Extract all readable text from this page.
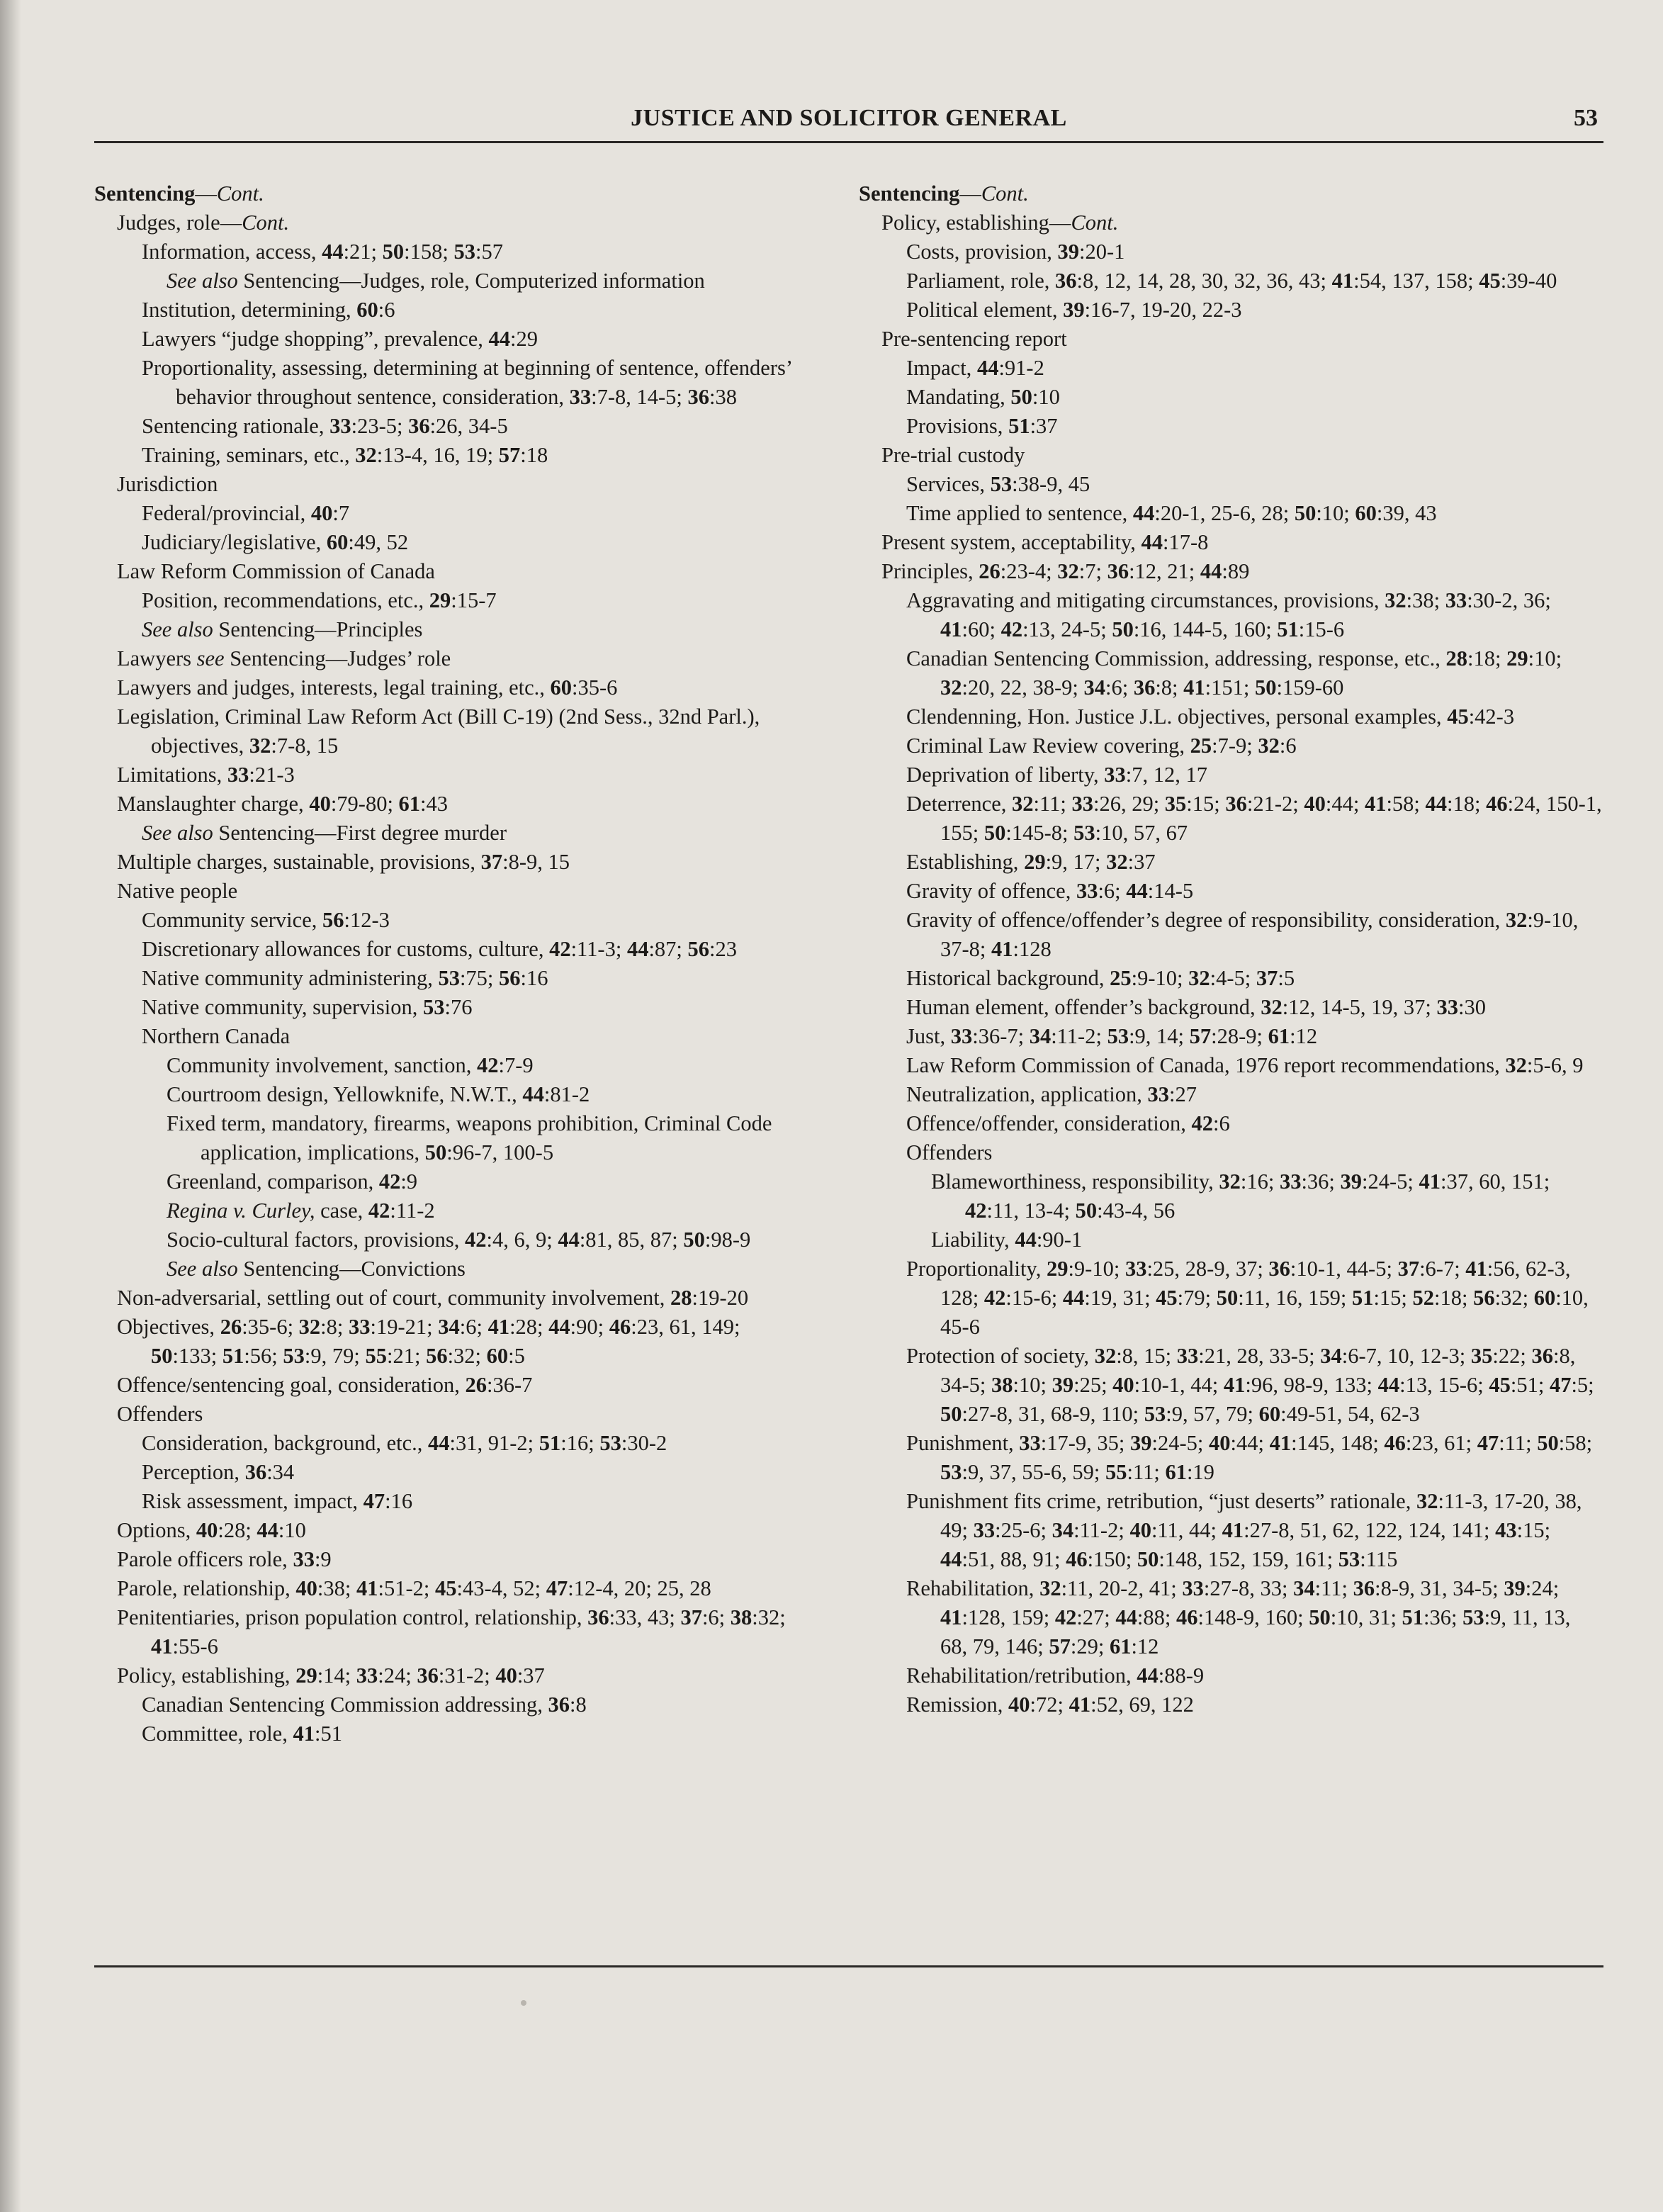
JUSTICE AND SOLICITOR GENERAL	53

Sentencing—Cont.

Judges, role—Cont.

Information, access, 44:21; 50:158; 53:57

See also Sentencing—Judges, role, Computerized information

Institution, determining, 60:6

Lawyers “judge shopping”, prevalence, 44:29

Proportionality, assessing, determining at beginning of sentence, offenders’ behavior throughout sentence, consideration, 33:7-8, 14-5; 36:38

Sentencing rationale, 33:23-5; 36:26, 34-5

Training, seminars, etc., 32:13-4, 16, 19; 57:18

Jurisdiction

Federal/provincial, 40:7

Judiciary/legislative, 60:49, 52

Law Reform Commission of Canada

Position, recommendations, etc., 29:15-7

See also Sentencing—Principles

Lawyers see Sentencing—Judges’ role

Lawyers and judges, interests, legal training, etc., 60:35-6

Legislation, Criminal Law Reform Act (Bill C-19) (2nd Sess., 32nd Parl.), objectives, 32:7-8, 15

Limitations, 33:21-3

Manslaughter charge, 40:79-80; 61:43

See also Sentencing—First degree murder

Multiple charges, sustainable, provisions, 37:8-9, 15

Native people

Community service, 56:12-3

Discretionary allowances for customs, culture, 42:11-3; 44:87; 56:23

Native community administering, 53:75; 56:16

Native community, supervision, 53:76

Northern Canada

Community involvement, sanction, 42:7-9

Courtroom design, Yellowknife, N.W.T., 44:81-2

Fixed term, mandatory, firearms, weapons prohibition, Criminal Code application, implications, 50:96-7, 100-5

Greenland, comparison, 42:9

Regina v. Curley, case, 42:11-2

Socio-cultural factors, provisions, 42:4, 6, 9; 44:81, 85, 87; 50:98-9

See also Sentencing—Convictions

Non-adversarial, settling out of court, community involvement, 28:19-20

Objectives, 26:35-6; 32:8; 33:19-21; 34:6; 41:28; 44:90; 46:23, 61, 149; 50:133; 51:56; 53:9, 79; 55:21; 56:32; 60:5

Offence/sentencing goal, consideration, 26:36-7

Offenders

Consideration, background, etc., 44:31, 91-2; 51:16; 53:30-2

Perception, 36:34

Risk assessment, impact, 47:16

Options, 40:28; 44:10

Parole officers role, 33:9

Parole, relationship, 40:38; 41:51-2; 45:43-4, 52; 47:12-4, 20; 25, 28

Penitentiaries, prison population control, relationship, 36:33, 43; 37:6; 38:32; 41:55-6

Policy, establishing, 29:14; 33:24; 36:31-2; 40:37

Canadian Sentencing Commission addressing, 36:8

Committee, role, 41:51

Sentencing—Cont.

Policy, establishing—Cont.

Costs, provision, 39:20-1

Parliament, role, 36:8, 12, 14, 28, 30, 32, 36, 43; 41:54, 137, 158; 45:39-40

Political element, 39:16-7, 19-20, 22-3

Pre-sentencing report

Impact, 44:91-2

Mandating, 50:10

Provisions, 51:37

Pre-trial custody

Services, 53:38-9, 45

Time applied to sentence, 44:20-1, 25-6, 28; 50:10; 60:39, 43

Present system, acceptability, 44:17-8

Principles, 26:23-4; 32:7; 36:12, 21; 44:89

Aggravating and mitigating circumstances, provisions, 32:38; 33:30-2, 36; 41:60; 42:13, 24-5; 50:16, 144-5, 160; 51:15-6

Canadian Sentencing Commission, addressing, response, etc., 28:18; 29:10; 32:20, 22, 38-9; 34:6; 36:8; 41:151; 50:159-60

Clendenning, Hon. Justice J.L. objectives, personal examples, 45:42-3

Criminal Law Review covering, 25:7-9; 32:6

Deprivation of liberty, 33:7, 12, 17

Deterrence, 32:11; 33:26, 29; 35:15; 36:21-2; 40:44; 41:58; 44:18; 46:24, 150-1, 155; 50:145-8; 53:10, 57, 67

Establishing, 29:9, 17; 32:37

Gravity of offence, 33:6; 44:14-5

Gravity of offence/offender’s degree of responsibility, consideration, 32:9-10, 37-8; 41:128

Historical background, 25:9-10; 32:4-5; 37:5

Human element, offender’s background, 32:12, 14-5, 19, 37; 33:30

Just, 33:36-7; 34:11-2; 53:9, 14; 57:28-9; 61:12

Law Reform Commission of Canada, 1976 report recommendations, 32:5-6, 9

Neutralization, application, 33:27

Offence/offender, consideration, 42:6

Offenders

Blameworthiness, responsibility, 32:16; 33:36; 39:24-5; 41:37, 60, 151; 42:11, 13-4; 50:43-4, 56

Liability, 44:90-1

Proportionality, 29:9-10; 33:25, 28-9, 37; 36:10-1, 44-5; 37:6-7; 41:56, 62-3, 128; 42:15-6; 44:19, 31; 45:79; 50:11, 16, 159; 51:15; 52:18; 56:32; 60:10, 45-6

Protection of society, 32:8, 15; 33:21, 28, 33-5; 34:6-7, 10, 12-3; 35:22; 36:8, 34-5; 38:10; 39:25; 40:10-1, 44; 41:96, 98-9, 133; 44:13, 15-6; 45:51; 47:5; 50:27-8, 31, 68-9, 110; 53:9, 57, 79; 60:49-51, 54, 62-3

Punishment, 33:17-9, 35; 39:24-5; 40:44; 41:145, 148; 46:23, 61; 47:11; 50:58; 53:9, 37, 55-6, 59; 55:11; 61:19

Punishment fits crime, retribution, “just deserts” rationale, 32:11-3, 17-20, 38, 49; 33:25-6; 34:11-2; 40:11, 44; 41:27-8, 51, 62, 122, 124, 141; 43:15; 44:51, 88, 91; 46:150; 50:148, 152, 159, 161; 53:115

Rehabilitation, 32:11, 20-2, 41; 33:27-8, 33; 34:11; 36:8-9, 31, 34-5; 39:24; 41:128, 159; 42:27; 44:88; 46:148-9, 160; 50:10, 31; 51:36; 53:9, 11, 13, 68, 79, 146; 57:29; 61:12

Rehabilitation/retribution, 44:88-9

Remission, 40:72; 41:52, 69, 122
